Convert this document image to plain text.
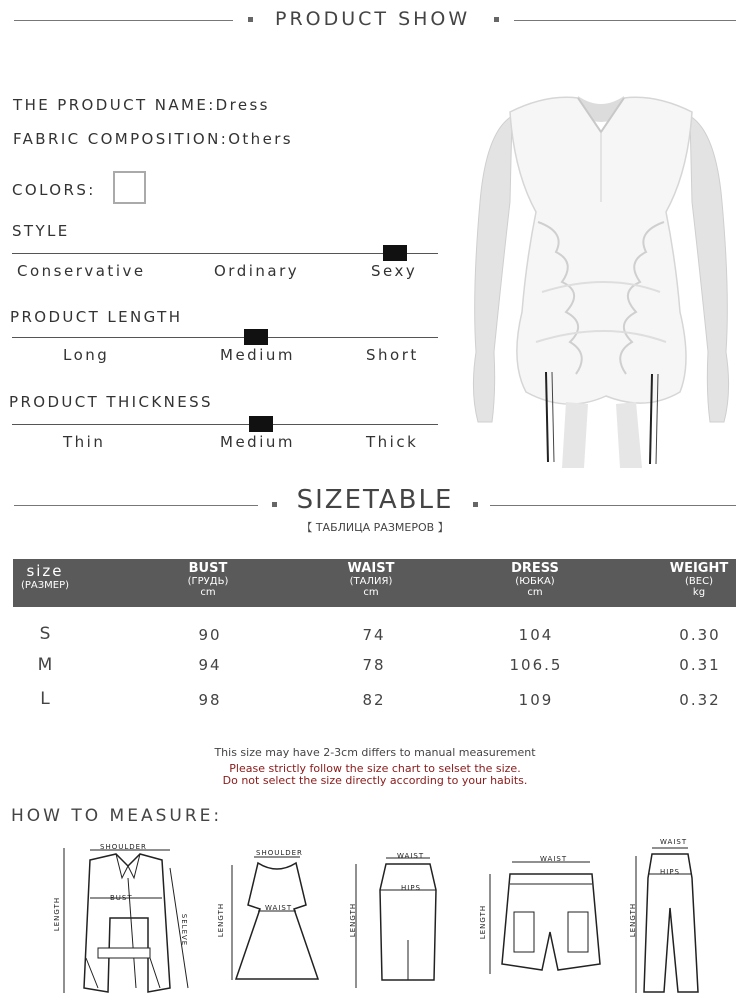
PRODUCT SHOW
THE PRODUCT NAME:Dress
FABRIC COMPOSITION:Others
COLORS:
STYLE
Conservative	Ordinary	Sexy
PRODUCT LENGTH
Long	Medium	Short
PRODUCT THICKNESS
Thin	Medium	Thick
SIZETABLE
【 ТАБЛИЦА РАЗМЕРОВ 】
size
(РАЗМЕР)
BUST
(ГРУДЬ)
cm
WAIST
(ТАЛИЯ)
cm
DRESS
(ЮБКА)
cm
WEIGHT
(ВЕС)
kg
S	90	74	104	0.30
M	94	78	106.5	0.31
L	98	82	109	0.32
This size may have 2-3cm differs to manual measurement
Please strictly follow the size chart to selset the size.
Do not select the size directly according to your habits.
HOW TO MEASURE:
SHOULDER
BUST
LENGTH	SELEVE
SHOULDER
WAIST
LENGTH
WAIST
HIPS
LENGTH
WAIST
LENGTH
WAIST
HIPS
LENGTH
